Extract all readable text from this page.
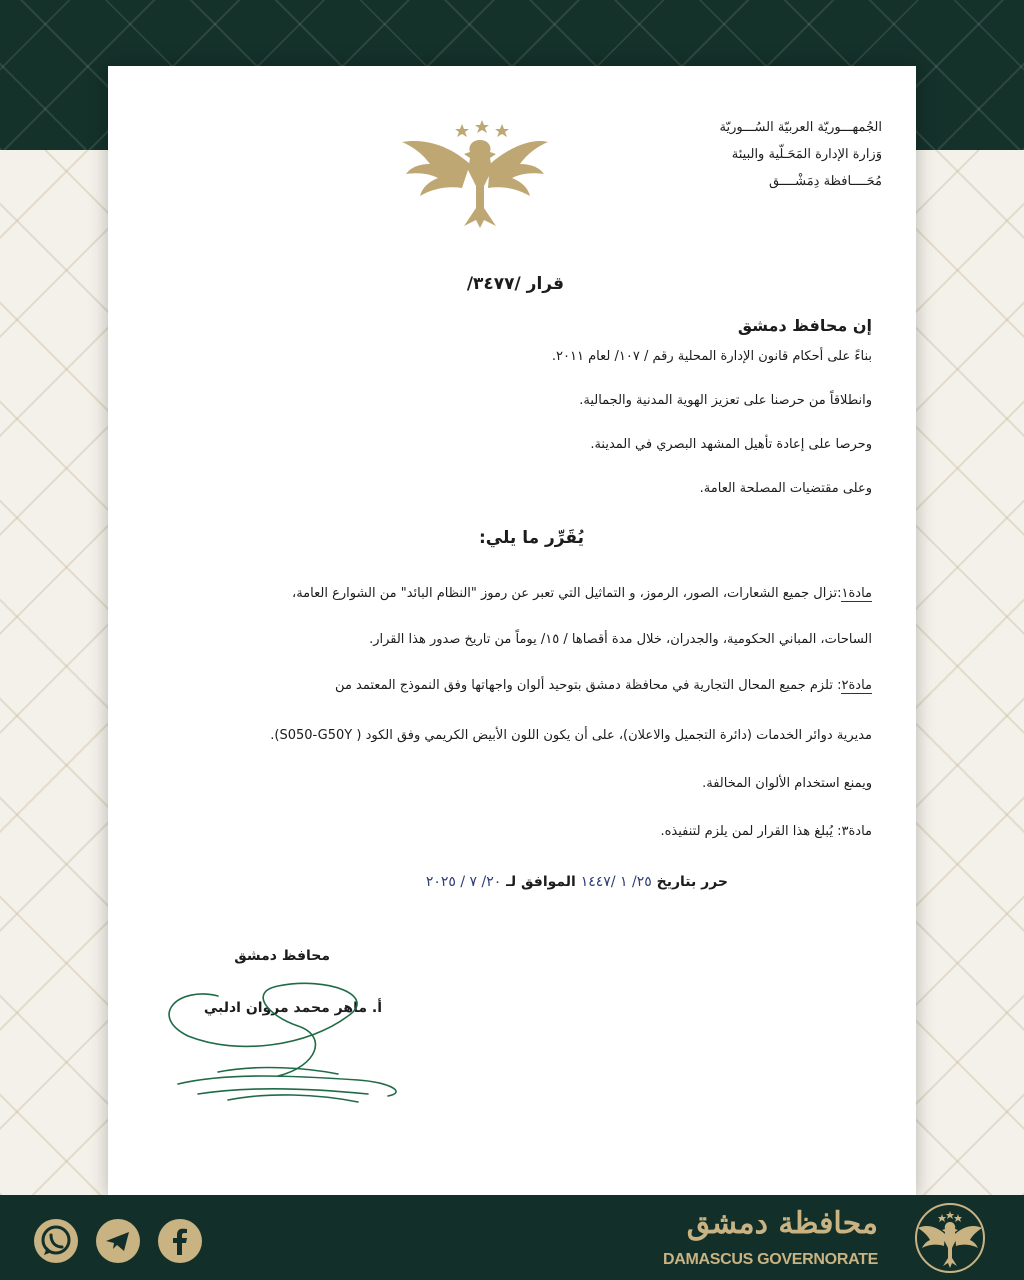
الجُمهـــوريّة العربيّة السُـــوريّة
وَزارة الإدارة المَحَـلّية والبيئة
مُحَــــافظة دِمَشْــــق
قرار /٣٤٧٧/
إن محافظ دمشق
بناءً على أحكام قانون الإدارة المحلية رقم / ١٠٧/ لعام ٢٠١١.
وانطلاقاً من حرصنا على تعزيز الهوية المدنية والجمالية.
وحرصا على إعادة تأهيل المشهد البصري في المدينة.
وعلى مقتضيات المصلحة العامة.
يُقَرِّر ما يلي:
مادة١:تزال جميع الشعارات، الصور، الرموز، و التماثيل التي تعبر عن رموز "النظام البائد" من الشوارع العامة،
الساحات، المباني الحكومية، والجدران، خلال مدة أقصاها / ١٥/ يوماً من تاريخ صدور هذا القرار.
مادة٢: تلزم جميع المحال التجارية في محافظة دمشق بتوحيد ألوان واجهاتها وفق النموذج المعتمد من
مديرية دوائر الخدمات (دائرة التجميل والاعلان)، على أن يكون اللون الأبيض الكريمي وفق الكود ( S050-G50Y).
ويمنع استخدام الألوان المخالفة.
مادة٣: يُبلغ هذا القرار لمن يلزم لتنفيذه.
حرر بتاريخ ٢٥/ ١ /١٤٤٧ الموافق لـ ٢٠/ ٧ / ٢٠٢٥
محافظ دمشق
أ. ماهر محمد مروان ادلبي
محافظة دمشق
DAMASCUS GOVERNORATE
